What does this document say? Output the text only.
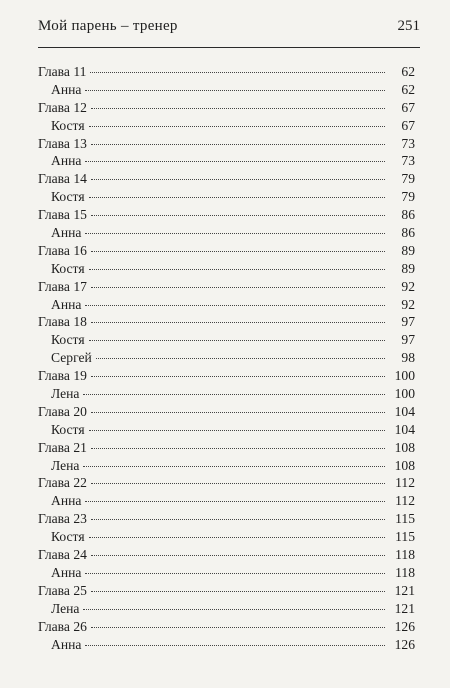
Мой парень – тренер	251
Глава 11	62
Анна	62
Глава 12	67
Костя	67
Глава 13	73
Анна	73
Глава 14	79
Костя	79
Глава 15	86
Анна	86
Глава 16	89
Костя	89
Глава 17	92
Анна	92
Глава 18	97
Костя	97
Сергей	98
Глава 19	100
Лена	100
Глава 20	104
Костя	104
Глава 21	108
Лена	108
Глава 22	112
Анна	112
Глава 23	115
Костя	115
Глава 24	118
Анна	118
Глава 25	121
Лена	121
Глава 26	126
Анна	126
